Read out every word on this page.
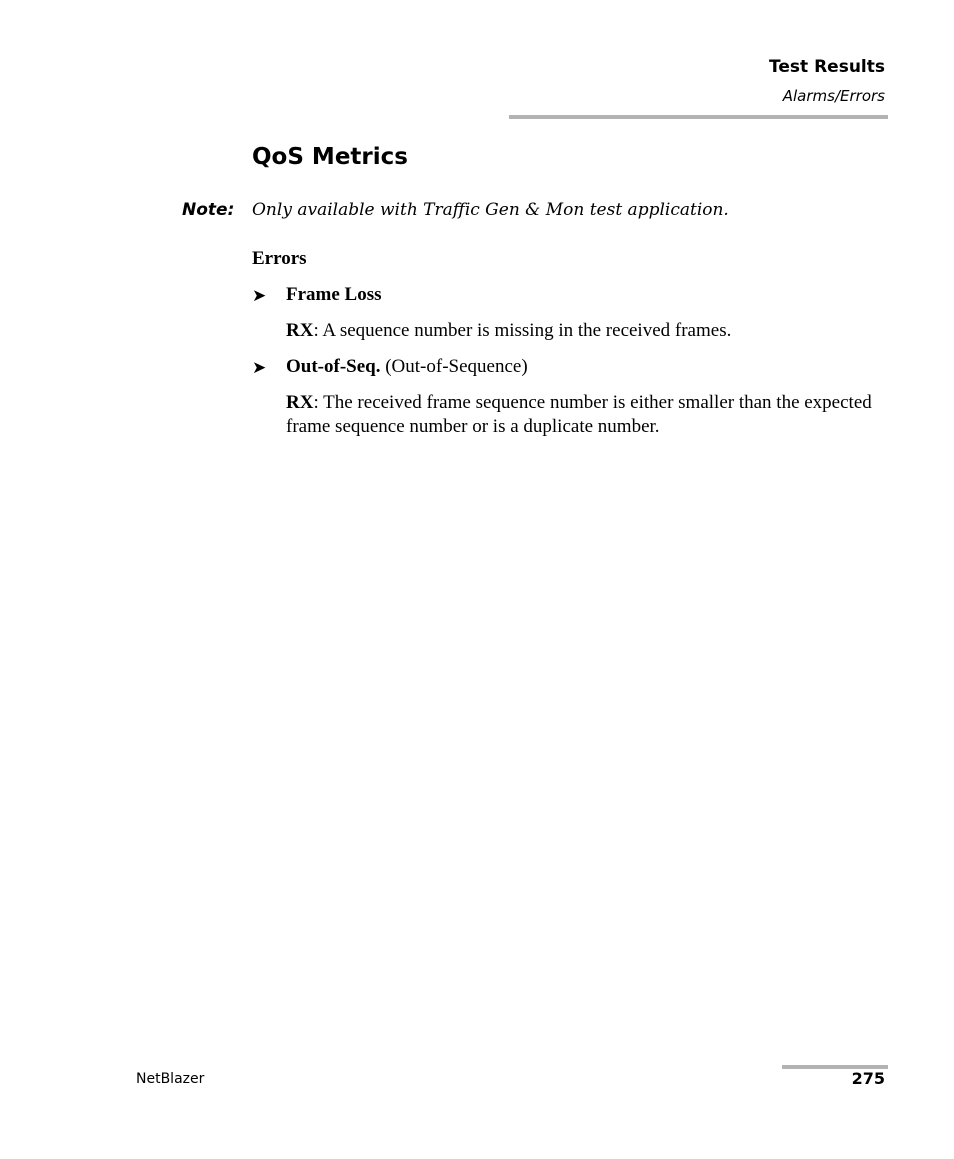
Test Results
Alarms/Errors
QoS Metrics
Note: Only available with Traffic Gen & Mon test application.
Errors
➤ Frame Loss
RX: A sequence number is missing in the received frames.
➤ Out-of-Seq. (Out-of-Sequence)
RX: The received frame sequence number is either smaller than the expected frame sequence number or is a duplicate number.
NetBlazer	275
